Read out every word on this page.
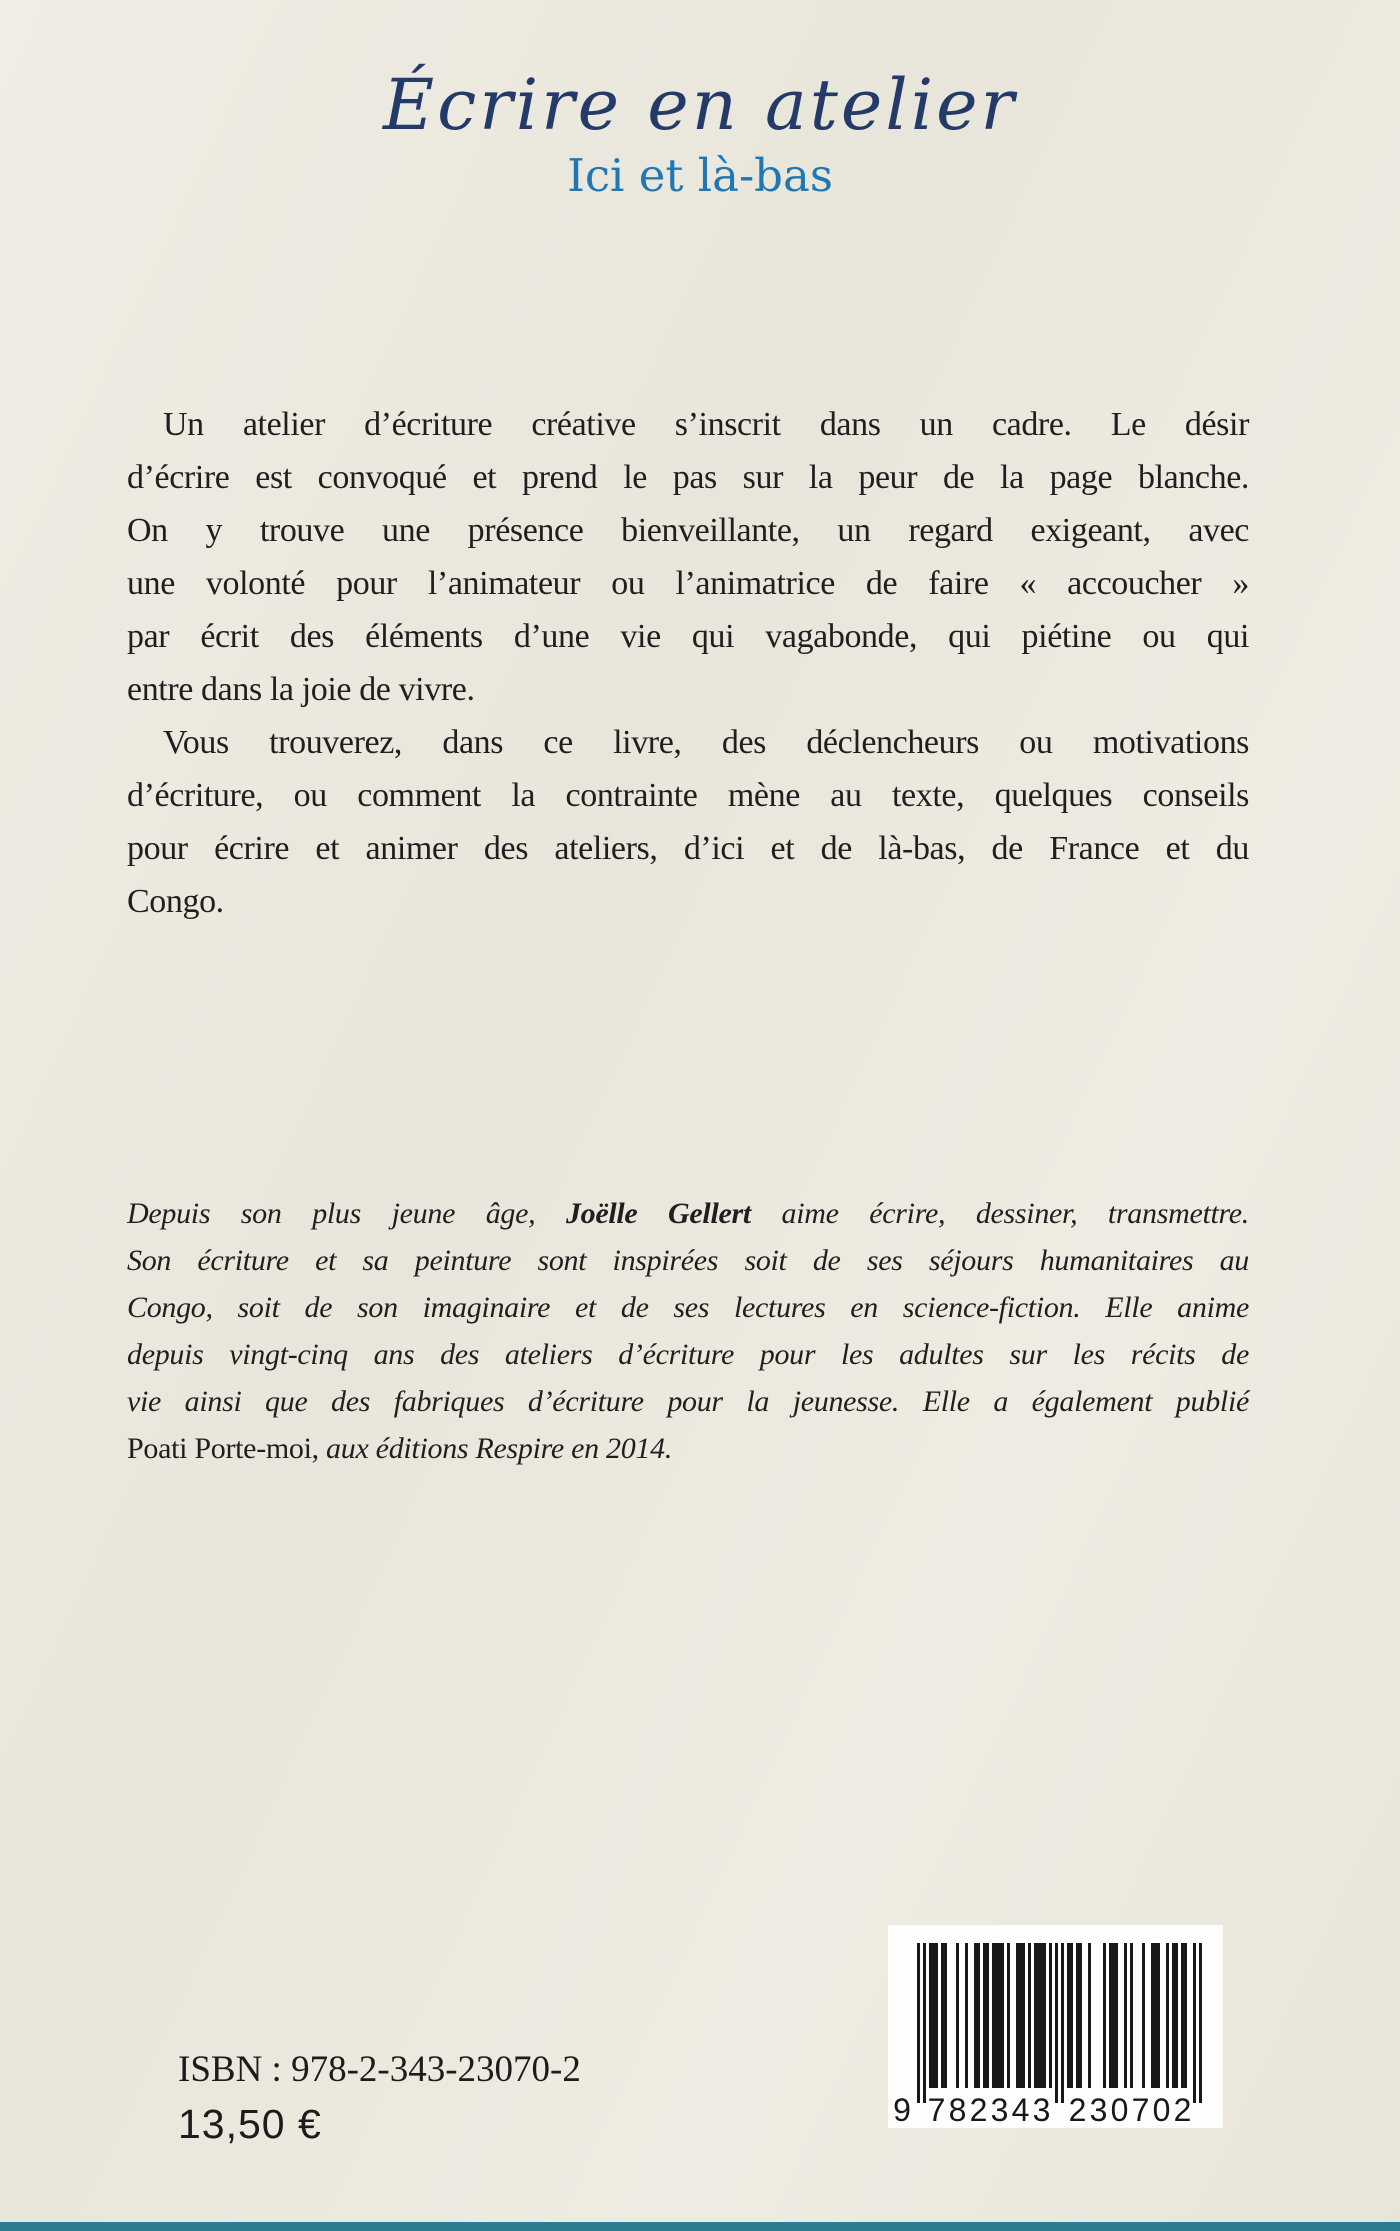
Écrire en atelier
Ici et là-bas
Un atelier d’écriture créative s’inscrit dans un cadre. Le désir
d’écrire est convoqué et prend le pas sur la peur de la page blanche.
On y trouve une présence bienveillante, un regard exigeant, avec
une volonté pour l’animateur ou l’animatrice de faire « accoucher »
par écrit des éléments d’une vie qui vagabonde, qui piétine ou qui
entre dans la joie de vivre.
Vous trouverez, dans ce livre, des déclencheurs ou motivations
d’écriture, ou comment la contrainte mène au texte, quelques conseils
pour écrire et animer des ateliers, d’ici et de là-bas, de France et du
Congo.
Depuis son plus jeune âge, Joëlle Gellert aime écrire, dessiner, transmettre.
Son écriture et sa peinture sont inspirées soit de ses séjours humanitaires au
Congo, soit de son imaginaire et de ses lectures en science-fiction. Elle anime
depuis vingt-cinq ans des ateliers d’écriture pour les adultes sur les récits de
vie ainsi que des fabriques d’écriture pour la jeunesse. Elle a également publié
Poati Porte-moi, aux éditions Respire en 2014.
ISBN : 978-2-343-23070-2
13,50 €	9 7 8 2 3 4 3 2 3 0 7 0 2
